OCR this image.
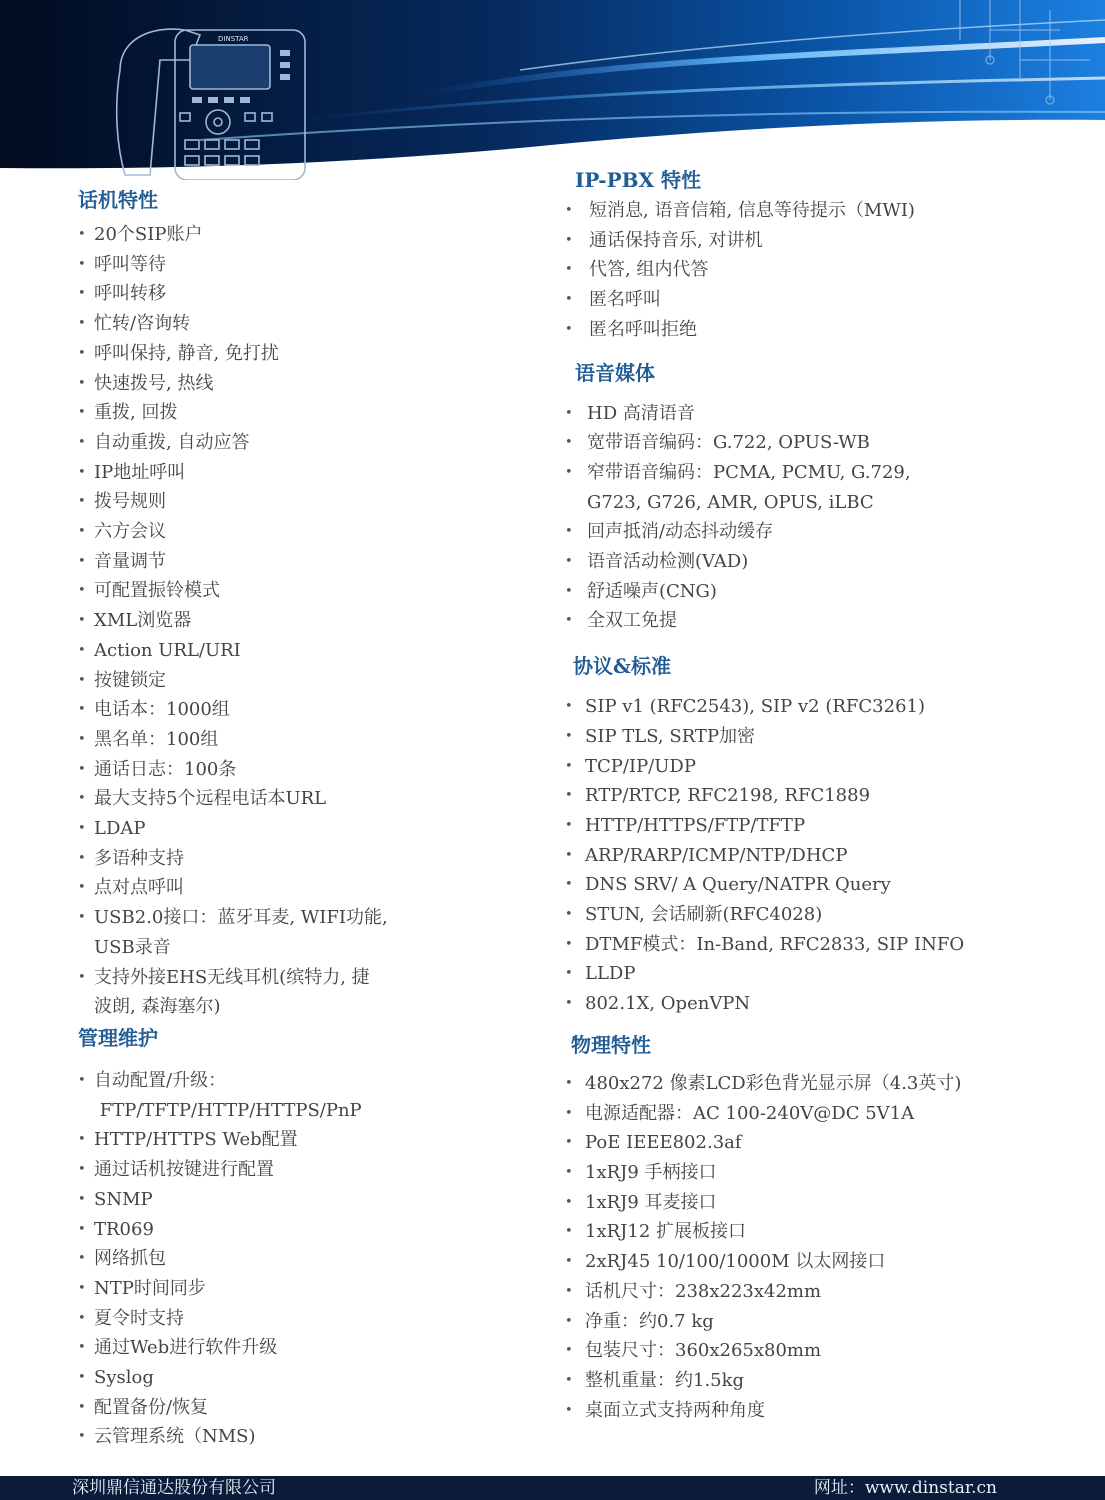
DINSTAR
话机特性
• 20个SIP账户
• 呼叫等待
• 呼叫转移
• 忙转/咨询转
• 呼叫保持, 静音, 免打扰
• 快速拨号, 热线
• 重拨, 回拨
• 自动重拨, 自动应答
• IP地址呼叫
• 拨号规则
• 六方会议
• 音量调节
• 可配置振铃模式
• XML浏览器
• Action URL/URI
• 按键锁定
• 电话本：1000组
• 黑名单：100组
• 通话日志：100条
• 最大支持5个远程电话本URL
• LDAP
• 多语种支持
• 点对点呼叫
• USB2.0接口：蓝牙耳麦, WIFI功能,
USB录音
• 支持外接EHS无线耳机(缤特力, 捷
波朗, 森海塞尔)
管理维护
• 自动配置/升级：
FTP/TFTP/HTTP/HTTPS/PnP
• HTTP/HTTPS Web配置
• 通过话机按键进行配置
• SNMP
• TR069
• 网络抓包
• NTP时间同步
• 夏令时支持
• 通过Web进行软件升级
• Syslog
• 配置备份/恢复
• 云管理系统（NMS)
IP-PBX 特性
• 短消息, 语音信箱, 信息等待提示（MWI)
• 通话保持音乐, 对讲机
• 代答, 组内代答
• 匿名呼叫
• 匿名呼叫拒绝
语音媒体
• HD 高清语音
• 宽带语音编码：G.722, OPUS-WB
• 窄带语音编码：PCMA, PCMU, G.729,
G723, G726, AMR, OPUS, iLBC
• 回声抵消/动态抖动缓存
• 语音活动检测(VAD)
• 舒适噪声(CNG)
• 全双工免提
协议&标准
• SIP v1 (RFC2543), SIP v2 (RFC3261)
• SIP TLS, SRTP加密
• TCP/IP/UDP
• RTP/RTCP, RFC2198, RFC1889
• HTTP/HTTPS/FTP/TFTP
• ARP/RARP/ICMP/NTP/DHCP
• DNS SRV/ A Query/NATPR Query
• STUN, 会话刷新(RFC4028)
• DTMF模式：In-Band, RFC2833, SIP INFO
• LLDP
• 802.1X, OpenVPN
物理特性
• 480x272 像素LCD彩色背光显示屏（4.3英寸)
• 电源适配器：AC 100-240V@DC 5V1A
• PoE IEEE802.3af
• 1xRJ9 手柄接口
• 1xRJ9 耳麦接口
• 1xRJ12 扩展板接口
• 2xRJ45 10/100/1000M 以太网接口
• 话机尺寸：238x223x42mm
• 净重：约0.7 kg
• 包装尺寸：360x265x80mm
• 整机重量：约1.5kg
• 桌面立式支持两种角度
深圳鼎信通达股份有限公司	网址：www.dinstar.cn
